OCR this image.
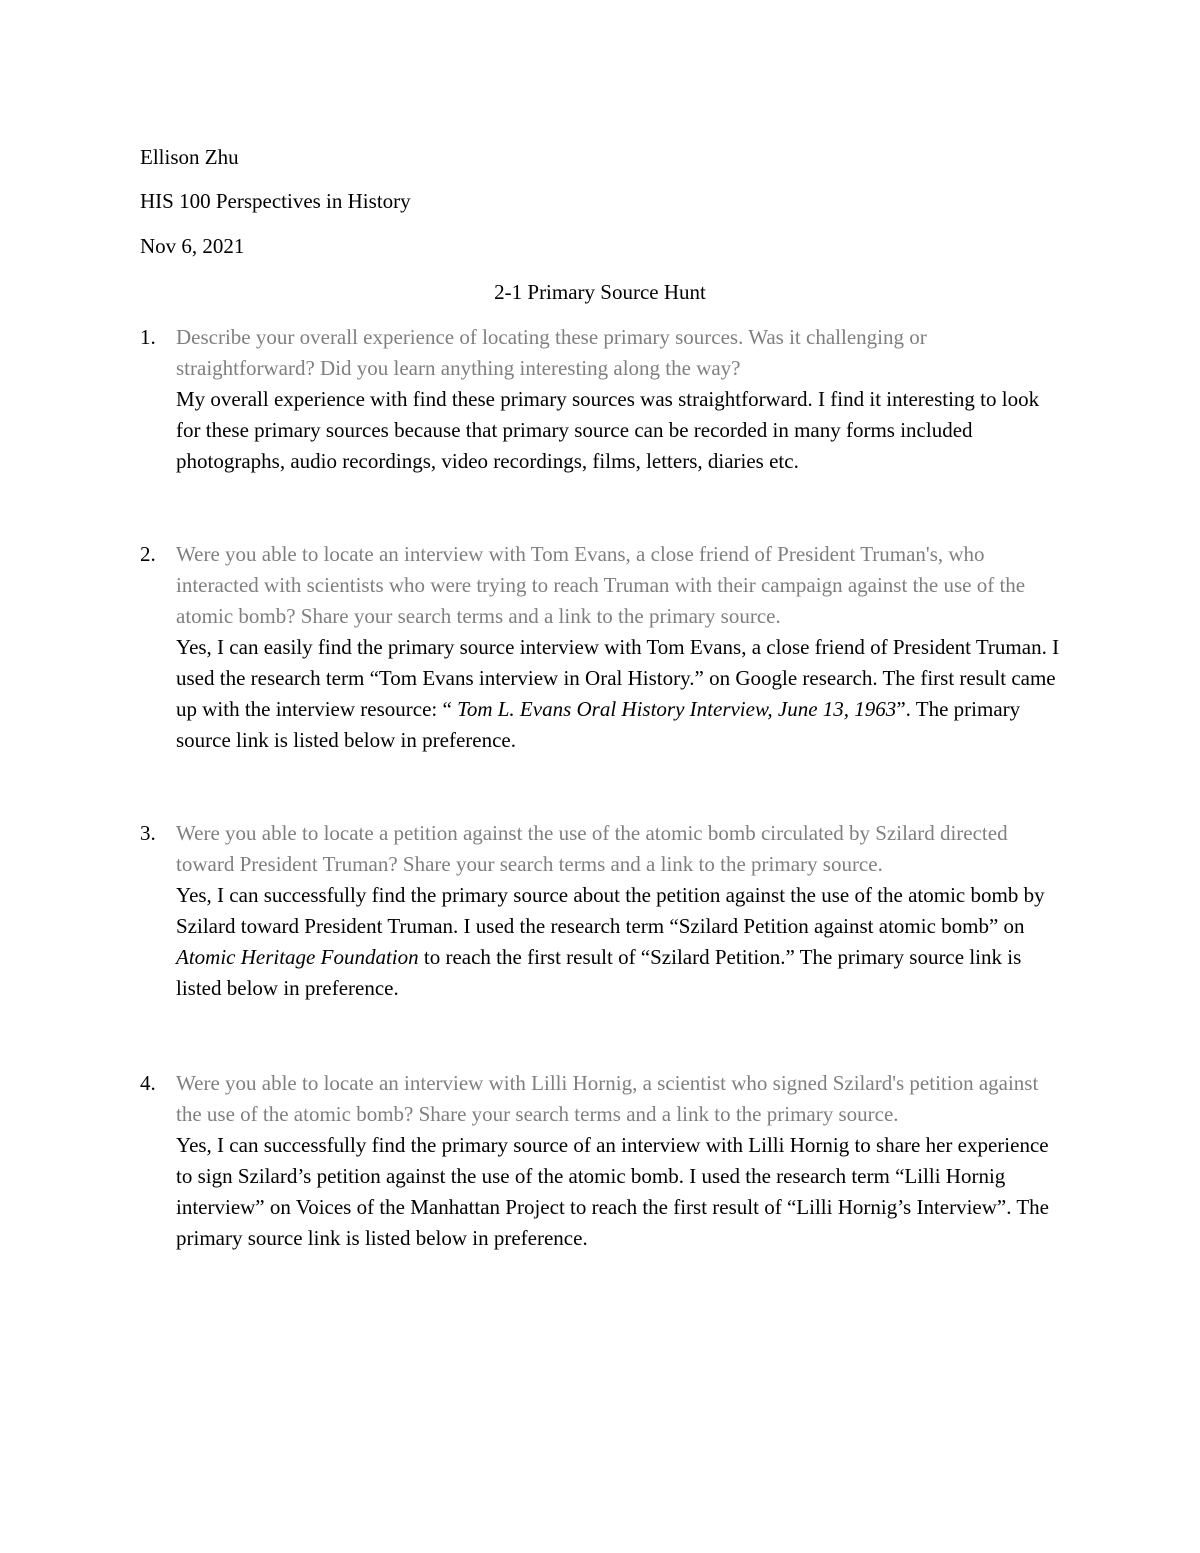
Ellison Zhu

HIS 100 Perspectives in History

Nov 6, 2021

2-1 Primary Source Hunt
1. Describe your overall experience of locating these primary sources. Was it challenging or straightforward? Did you learn anything interesting along the way?

My overall experience with find these primary sources was straightforward. I find it interesting to look for these primary sources because that primary source can be recorded in many forms included photographs, audio recordings, video recordings, films, letters, diaries etc.

2. Were you able to locate an interview with Tom Evans, a close friend of President Truman's, who interacted with scientists who were trying to reach Truman with their campaign against the use of the atomic bomb? Share your search terms and a link to the primary source.

Yes, I can easily find the primary source interview with Tom Evans, a close friend of President Truman. I used the research term “Tom Evans interview in Oral History.” on Google research. The first result came up with the interview resource: “ Tom L. Evans Oral History Interview, June 13, 1963”. The primary source link is listed below in preference.

3. Were you able to locate a petition against the use of the atomic bomb circulated by Szilard directed toward President Truman? Share your search terms and a link to the primary source.

Yes, I can successfully find the primary source about the petition against the use of the atomic bomb by Szilard toward President Truman. I used the research term “Szilard Petition against atomic bomb” on Atomic Heritage Foundation to reach the first result of “Szilard Petition.” The primary source link is listed below in preference.

4. Were you able to locate an interview with Lilli Hornig, a scientist who signed Szilard's petition against the use of the atomic bomb? Share your search terms and a link to the primary source.

Yes, I can successfully find the primary source of an interview with Lilli Hornig to share her experience to sign Szilard’s petition against the use of the atomic bomb. I used the research term “Lilli Hornig interview” on Voices of the Manhattan Project to reach the first result of “Lilli Hornig’s Interview”. The primary source link is listed below in preference.
